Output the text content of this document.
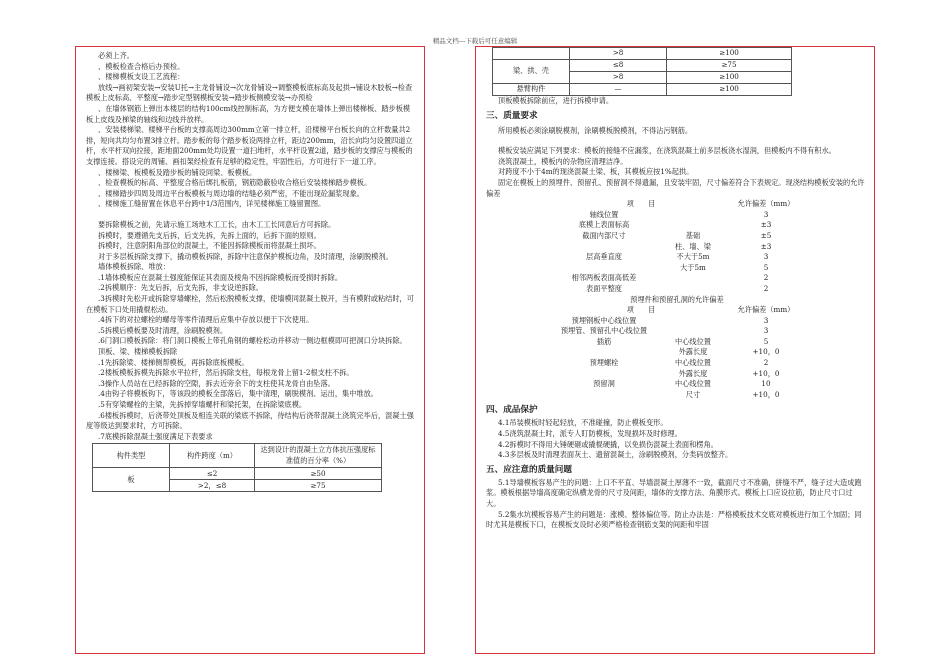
精品文档---下载后可任意编辑

必须上齐。

、模板检查合格后办预检。

、楼梯模板支设工艺流程：

放线→画初架安装→安装U托→主龙骨铺设→次龙骨铺设→调整模板底标高及起拱→铺设木胶板→检查模板上皮标高、平整度→踏步定型钢模板安装→踏步板侧模安装→办预检

、在墙体钢筋上弹出本楼层的结构100cm线控制标高，为方便支模在墙体上弹出楼梯板、踏步板模板上皮线及梯梁的轴线和边线并放样。

、安装楼梯梁、楼梯平台板的支撑高周边300mm立第一排立杆，沿楼梯平台板长向的立杆数量共2排，短向共均匀布置3排立杆。踏步板的每个踏步板设两排立杆，距边200mm，沿长向均匀设置四道立杆，水平杆双向拉接，距地面200mm处均设置一道扫地杆，水平杆设置2道，踏步板的支撑应与模板的支撑连接。搭设完的周铺、画扣架经检查有足够的稳定性，牢固性后，方可进行下一道工序。

、楼梯梁、板模板及踏步板的铺设同梁、板模板。

、检查模板的标高、平整度合格后绑扎板筋，钢筋隐蔽验收合格后安装楼梯踏步模板。

、楼梯踏步四周及周边平台板模板与周边墙的结缝必须严密，不能出现砼漏浆现象。

、楼梯施工缝留置在休息平台跨中1/3范围内，详见楼梯施工缝留置图。

要拆除模板之前，先请示施工场地木工工长，由木工工长同意后方可拆除。

拆模时，要遵循先支后拆，后支先拆，先拆上面的，后拆下面的原则。

拆模时，注意阴阳角部位的混凝土，不能因拆除模板而将混凝土损坏。

对于多层板拆除支撑下，撬动模板拆除，拆除中注意保护模板边角，及时清理，涂刷脱模剂。

墙体模板拆除、堆放：

.1墙体模板应在混凝土强度能保证其表面及棱角不因拆除模板而受损时拆除。

.2拆模顺序：先支后拆，后支先拆，非支设逆拆除。

.3拆模时先松开或拆除穿墙螺栓，然后松脱模板支撑，使墙模同混凝土脱开，当有模附或粘结时，可在模板下口处用撬棍松动。

.4拆下的对拉螺栓的螺母等零件清理后应集中存放以便于下次使用。

.5拆模后模板要及时清理，涂刷脱模剂。

.6门洞口模板拆除：将门洞口模板上带孔角钢的螺栓松动并移动一侧边框模即可把洞口分块拆除。

顶板、梁、楼梯模板拆除

.1先拆除梁、楼梯侧帮模板，再拆除底板模板。

.2楼板模板拆模先拆除水平拉杆，然后拆除支柱，每根龙骨上留1-2根支柱不拆。

.3操作人员站在已经拆除的空隙，拆去近旁余下的支柱使其龙骨自由坠落。

.4由钩子将模板钩下，等该段的模板全部落后，集中清理，刷脱模剂、运出，集中堆放。

.5有穿梁螺栓的主梁，先拆掉穿墙螺杆和梁托架，在拆除梁底模。

.6楼板拆模时，后浇带处顶板及相连关联的梁底不拆除，待结构后浇带混凝土浇筑完毕后，混凝土强度等级达到要求时，方可拆除。

.7底模拆除混凝土强度满足下表要求

构件类型	构件跨度（m）	达到设计的混凝土立方体抗压强度标准值的百分率（%）
板	≤2	≥50
	>2，≤8	≥75
	>8	≥100
梁、拱、壳	≤8	≥75
	>8	≥100
悬臂构件	—	≥100

顶板模板拆除前应，进行拆模申请。

三、质量要求

所用模板必须涂刷脱模剂，涂刷模板脱模剂，不得沾污钢筋。

模板安装应满足下列要求：模板的接缝不应漏浆，在浇筑混凝土前多层板浇水湿润，但模板内不得有积水。

浇筑混凝土，模板内的杂物应清理洁净。

对跨度不小于4m的现浇混凝土梁、板，其模板应按1%起拱。

固定在模板上的预埋件、预留孔、预留洞不得遗漏，且安装牢固，尺寸偏差符合下表规定。现浇结构模板安装的允许偏差

项　　目		允许偏差（mm）
轴线位置		3
底模上表面标高		±3
截面内部尺寸	基础	±5
	柱、墙、梁	±3
层高垂直度	不大于5m	3
	大于5m	5
相邻两板表面高低差		2
表面平整度		2
预埋件和预留孔洞的允许偏差
项　　目		允许偏差（mm）
预埋钢板中心线位置		3
预埋管、预留孔中心线位置		3
插筋	中心线位置	5
	外露长度	+10，0
预埋螺栓	中心线位置	2
	外露长度	+10，0
预留洞	中心线位置	10
	尺寸	+10，0
四、成品保护

4.1吊装模板时轻起轻放，不准碰撞，防止模板变形。

4.5浇筑混凝土时，派专人盯防模板，发现损坏及时修理。

4.2拆模时不得用大锤硬砸或撬棍硬撬，以免损伤混凝土表面和楞角。

4.3多层板及时清理表面灰土、遗留混凝土，涂刷脱模剂，分类码放整齐。

五、应注意的质量问题

5.1导墙模板容易产生的问题：上口不平直、导墙混凝土厚薄不一致，截面尺寸不准确，拼缝不严，缝子过大造成跑浆。模板根据导墙高度确定纵横龙骨的尺寸及间距，墙体的支撑方法、角膜形式。模板上口应设拉筋，防止尺寸口过大。

5.2集水坑模板容易产生的问题是：涨模、整体偏位等。防止办法是：严格模板技术交底对模板进行加工个加固；同时尤其是模板下口，在模板支设时必须严格检查钢筋支架的间距和牢固
